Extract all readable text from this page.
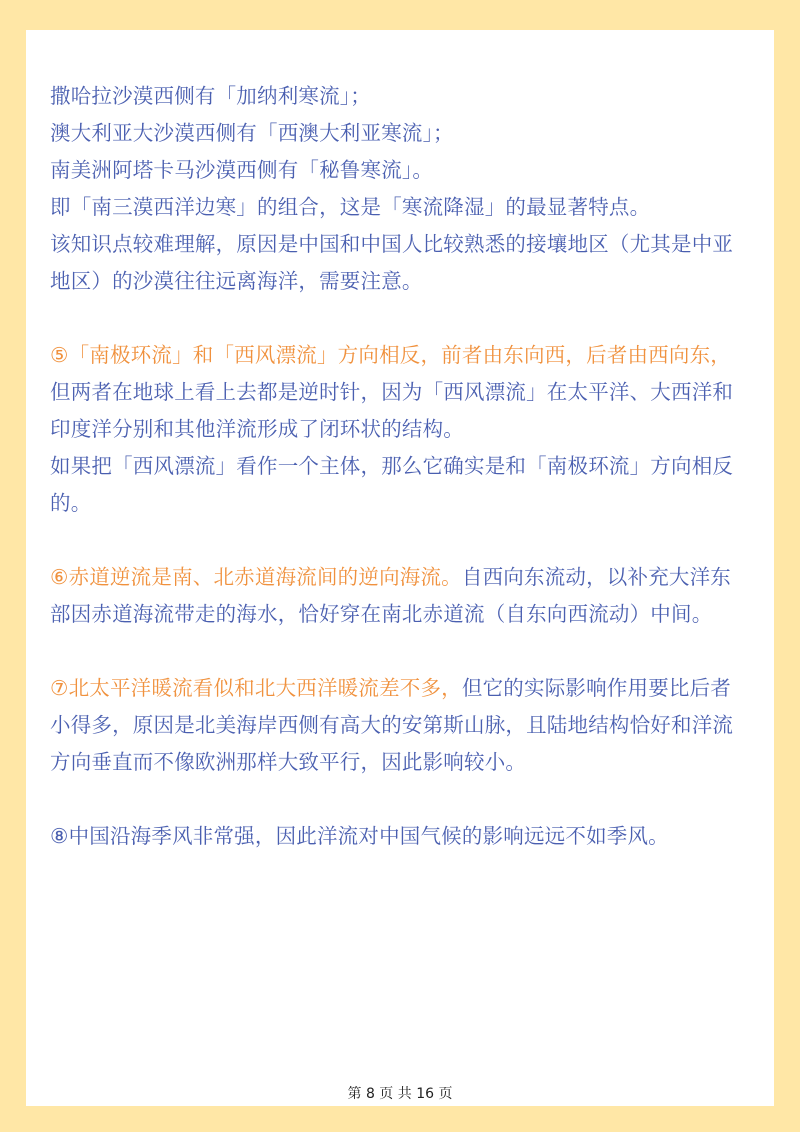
撒哈拉沙漠西侧有「加纳利寒流」；
澳大利亚大沙漠西侧有「西澳大利亚寒流」；
南美洲阿塔卡马沙漠西侧有「秘鲁寒流」。
即「南三漠西洋边寒」的组合，这是「寒流降湿」的最显著特点。
该知识点较难理解，原因是中国和中国人比较熟悉的接壤地区（尤其是中亚
地区）的沙漠往往远离海洋，需要注意。
⑤「南极环流」和「西风漂流」方向相反，前者由东向西，后者由西向东，
但两者在地球上看上去都是逆时针，因为「西风漂流」在太平洋、大西洋和
印度洋分别和其他洋流形成了闭环状的结构。
如果把「西风漂流」看作一个主体，那么它确实是和「南极环流」方向相反
的。
⑥赤道逆流是南、北赤道海流间的逆向海流。自西向东流动，以补充大洋东
部因赤道海流带走的海水，恰好穿在南北赤道流（自东向西流动）中间。
⑦北太平洋暖流看似和北大西洋暖流差不多，但它的实际影响作用要比后者
小得多，原因是北美海岸西侧有高大的安第斯山脉，且陆地结构恰好和洋流
方向垂直而不像欧洲那样大致平行，因此影响较小。
⑧中国沿海季风非常强，因此洋流对中国气候的影响远远不如季风。
第 8 页 共 16 页
